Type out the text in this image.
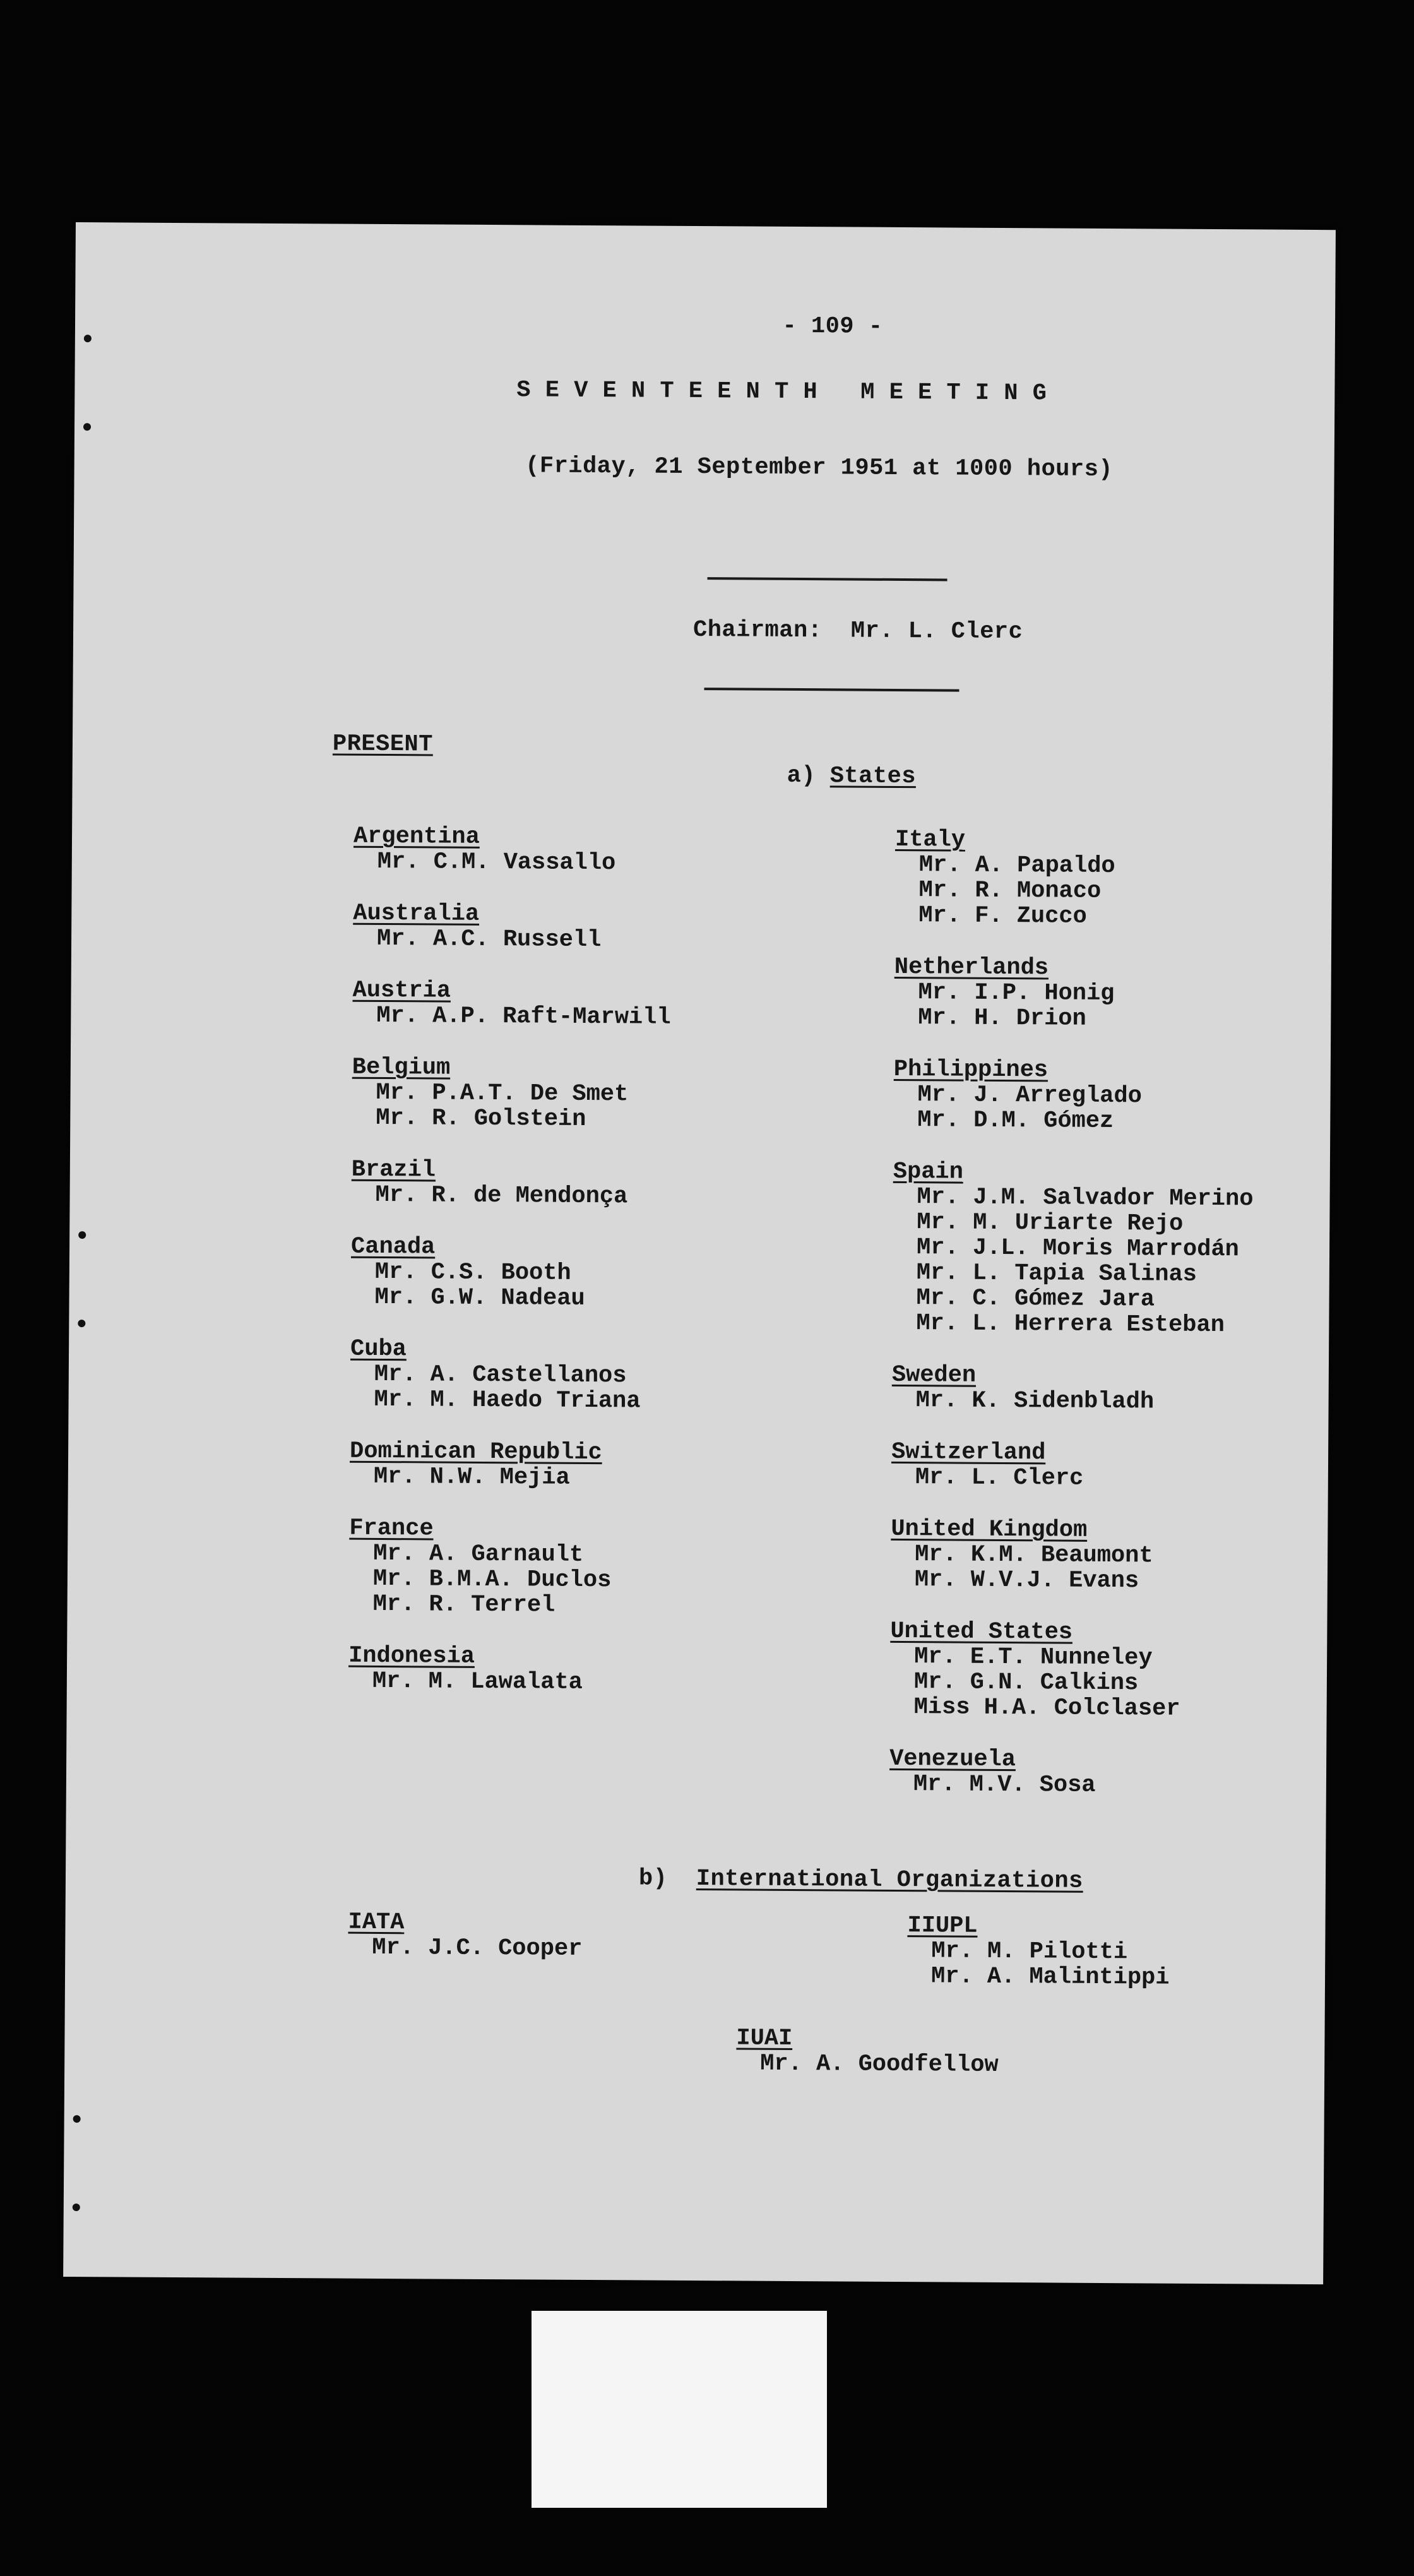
- 109 -
S E V E N T E E N T H   M E E T I N G
(Friday, 21 September 1951 at 1000 hours)
Chairman:  Mr. L. Clerc
PRESENT
a) States
Argentina
Mr. C.M. Vassallo
Australia
Mr. A.C. Russell
Austria
Mr. A.P. Raft-Marwill
Belgium
Mr. P.A.T. De Smet
Mr. R. Golstein
Brazil
Mr. R. de Mendonça
Canada
Mr. C.S. Booth
Mr. G.W. Nadeau
Cuba
Mr. A. Castellanos
Mr. M. Haedo Triana
Dominican Republic
Mr. N.W. Mejia
France
Mr. A. Garnault
Mr. B.M.A. Duclos
Mr. R. Terrel
Indonesia
Mr. M. Lawalata
Italy
Mr. A. Papaldo
Mr. R. Monaco
Mr. F. Zucco
Netherlands
Mr. I.P. Honig
Mr. H. Drion
Philippines
Mr. J. Arreglado
Mr. D.M. Gómez
Spain
Mr. J.M. Salvador Merino
Mr. M. Uriarte Rejo
Mr. J.L. Moris Marrodán
Mr. L. Tapia Salinas
Mr. C. Gómez Jara
Mr. L. Herrera Esteban
Sweden
Mr. K. Sidenbladh
Switzerland
Mr. L. Clerc
United Kingdom
Mr. K.M. Beaumont
Mr. W.V.J. Evans
United States
Mr. E.T. Nunneley
Mr. G.N. Calkins
Miss H.A. Colclaser
Venezuela
Mr. M.V. Sosa
b)  International Organizations
IATA
Mr. J.C. Cooper
IIUPL
Mr. M. Pilotti
Mr. A. Malintippi
IUAI
Mr. A. Goodfellow
